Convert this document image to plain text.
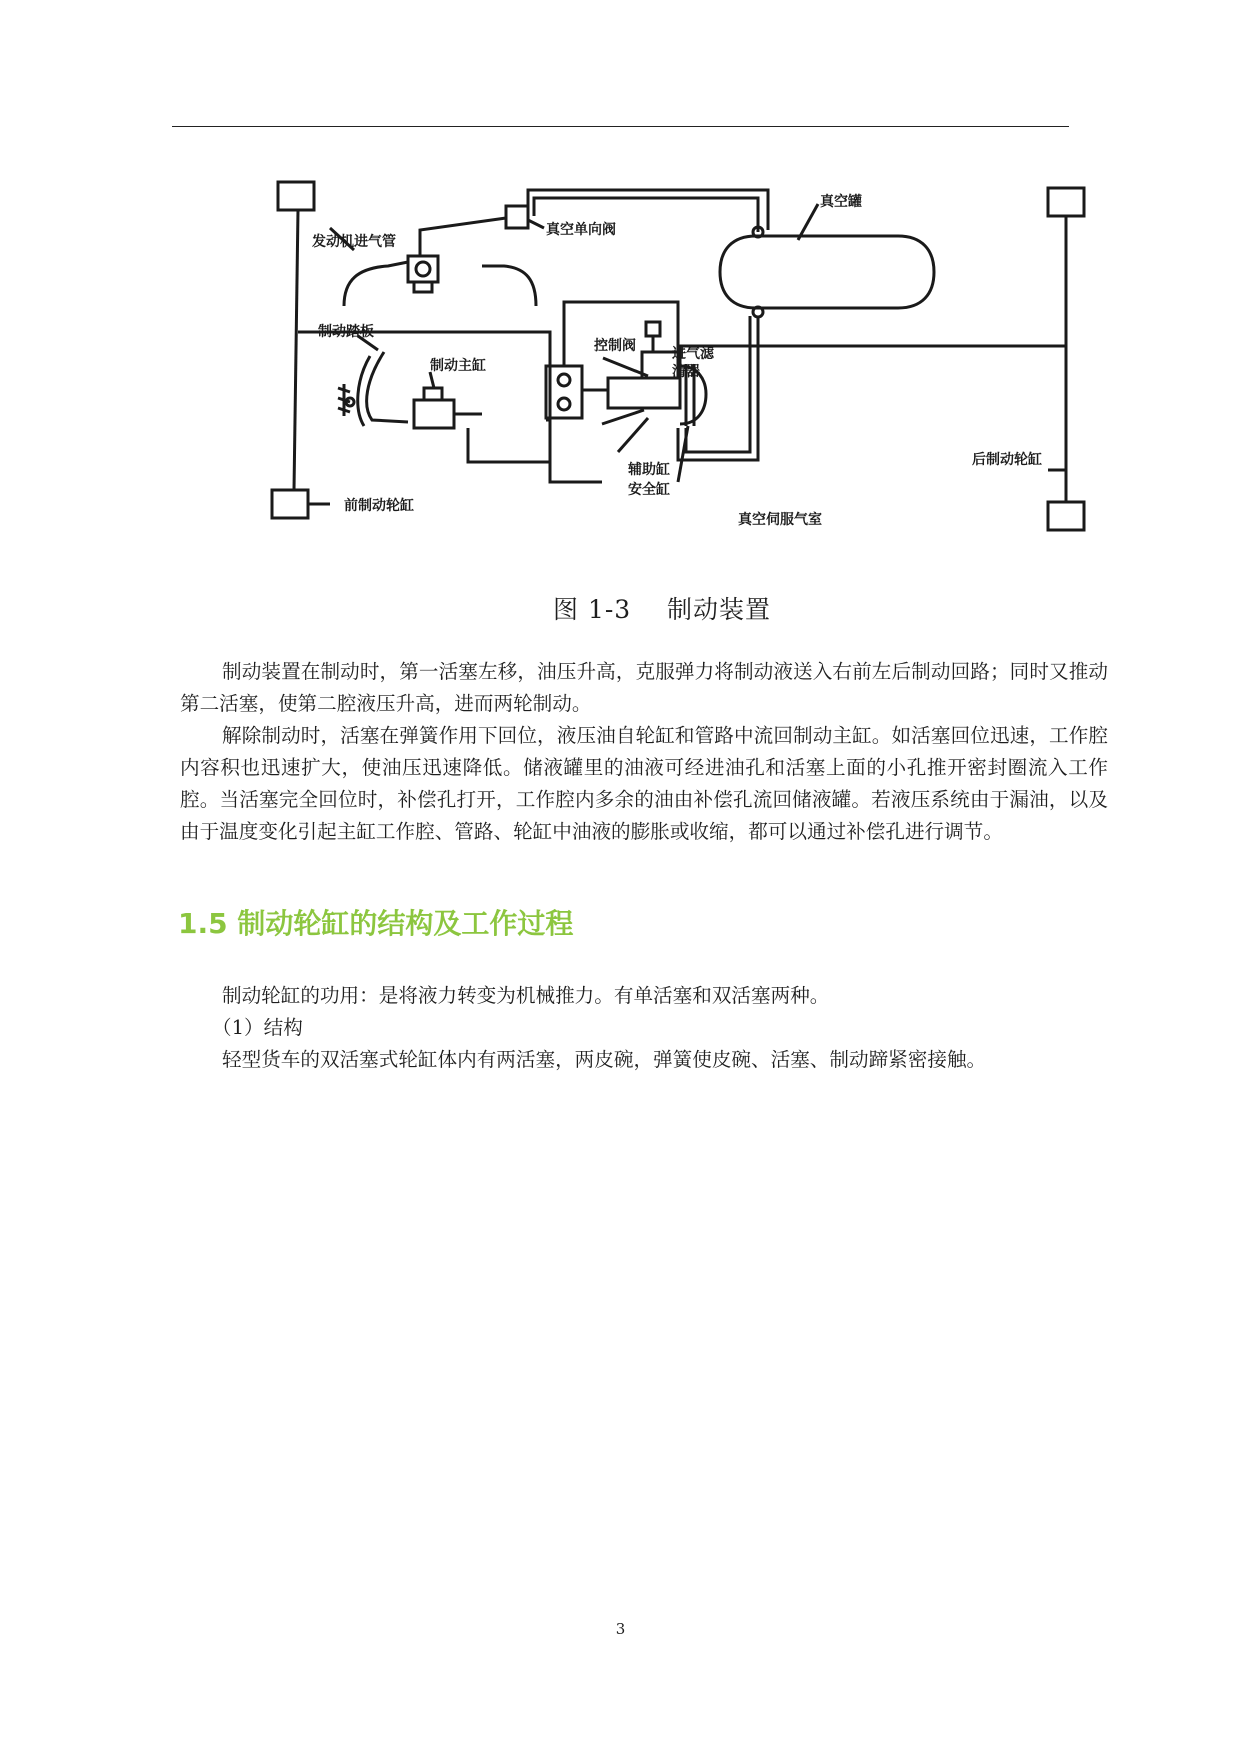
发动机进气管
真空单向阀
真空罐
进气滤
清器
制动踏板
控制阀
制动主缸
辅助缸
安全缸
后制动轮缸
前制动轮缸
真空伺服气室
图 1-3    制动装置

制动装置在制动时，第一活塞左移，油压升高，克服弹力将制动液送入右前左后制动回路；同时又推动第二活塞，使第二腔液压升高，进而两轮制动。

解除制动时，活塞在弹簧作用下回位，液压油自轮缸和管路中流回制动主缸。如活塞回位迅速，工作腔内容积也迅速扩大，使油压迅速降低。储液罐里的油液可经进油孔和活塞上面的小孔推开密封圈流入工作腔。当活塞完全回位时，补偿孔打开，工作腔内多余的油由补偿孔流回储液罐。若液压系统由于漏油，以及由于温度变化引起主缸工作腔、管路、轮缸中油液的膨胀或收缩，都可以通过补偿孔进行调节。

1.5 制动轮缸的结构及工作过程
制动轮缸的功用：是将液力转变为机械推力。有单活塞和双活塞两种。
（1）结构
轻型货车的双活塞式轮缸体内有两活塞，两皮碗，弹簧使皮碗、活塞、制动蹄紧密接触。
3
